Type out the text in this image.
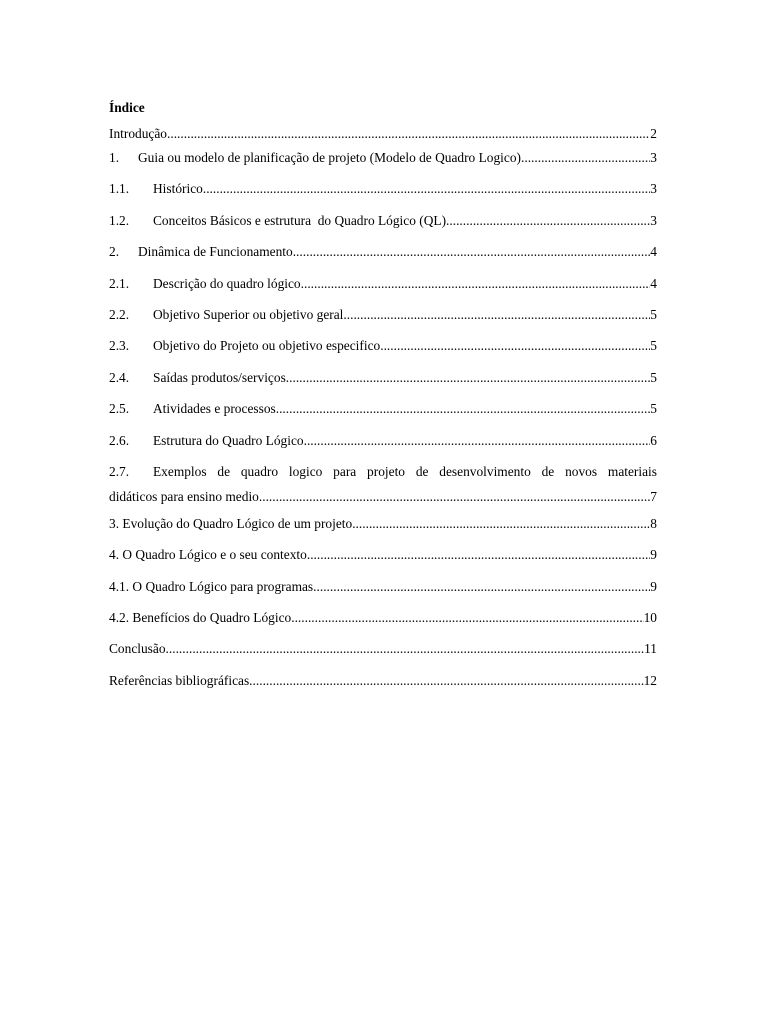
Índice
Introdução .....	2
1.	Guia ou modelo de planificação de projeto (Modelo de Quadro Logico) .....	3
1.1.	Histórico .....	3
1.2.	Conceitos Básicos e estrutura  do Quadro Lógico (QL) .....	3
2.	Dinâmica de Funcionamento .....	4
2.1.	Descrição do quadro lógico .....	4
2.2.	Objetivo Superior ou objetivo geral .....	5
2.3.	Objetivo do Projeto ou objetivo especifico .....	5
2.4.	Saídas produtos/serviços .....	5
2.5.	Atividades e processos .....	5
2.6.	Estrutura do Quadro Lógico .....	6
2.7.	Exemplos de quadro logico para projeto de desenvolvimento de novos materiais
didáticos para ensino medio .....	7
3. Evolução do Quadro Lógico de um projeto .....	8
4. O Quadro Lógico e o seu contexto .....	9
4.1. O Quadro Lógico para programas .....	9
4.2. Benefícios do Quadro Lógico .....	10
Conclusão .....	11
Referências bibliográficas .....	12
